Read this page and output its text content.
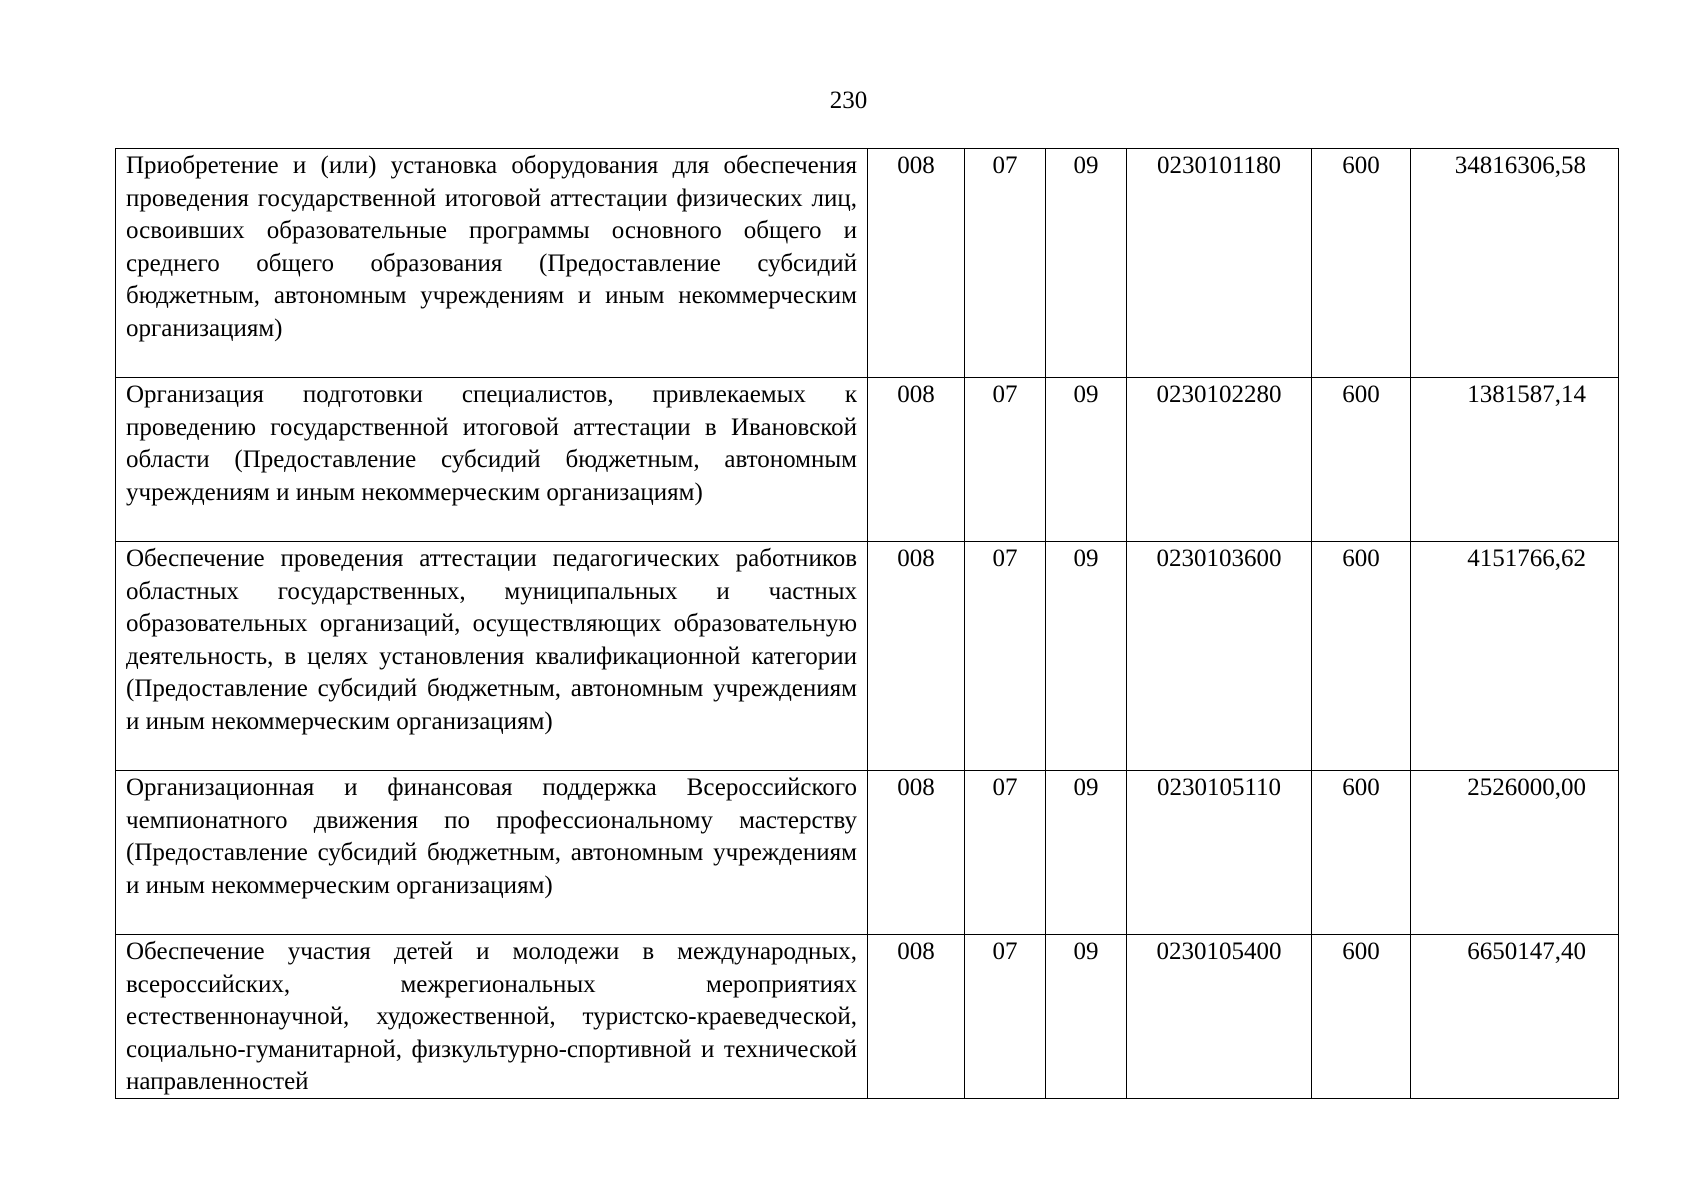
230
Приобретение и (или) установка оборудования для обеспечения проведения государственной итоговой аттестации физических лиц, освоивших образовательные программы основного общего и среднего общего образования (Предоставление субсидий бюджетным, автономным учреждениям и иным некоммерческим организациям)	008	07	09	0230101180	600	34816306,58
Организация подготовки специалистов, привлекаемых к проведению государственной итоговой аттестации в Ивановской области (Предоставление субсидий бюджетным, автономным учреждениям и иным некоммерческим организациям)	008	07	09	0230102280	600	1381587,14
Обеспечение проведения аттестации педагогических работников областных государственных, муниципальных и частных образовательных организаций, осуществляющих образовательную деятельность, в целях установления квалификационной категории (Предоставление субсидий бюджетным, автономным учреждениям и иным некоммерческим организациям)	008	07	09	0230103600	600	4151766,62
Организационная и финансовая поддержка Всероссийского чемпионатного движения по профессиональному мастерству (Предоставление субсидий бюджетным, автономным учреждениям и иным некоммерческим организациям)	008	07	09	0230105110	600	2526000,00

Обеспечение участия детей и молодежи в международных, всероссийских, межрегиональных мероприятиях естественнонаучной, художественной, туристско-краеведческой, социально-гуманитарной, физкультурно-спортивной и технической направленностей	008	07	09	0230105400	600	6650147,40
